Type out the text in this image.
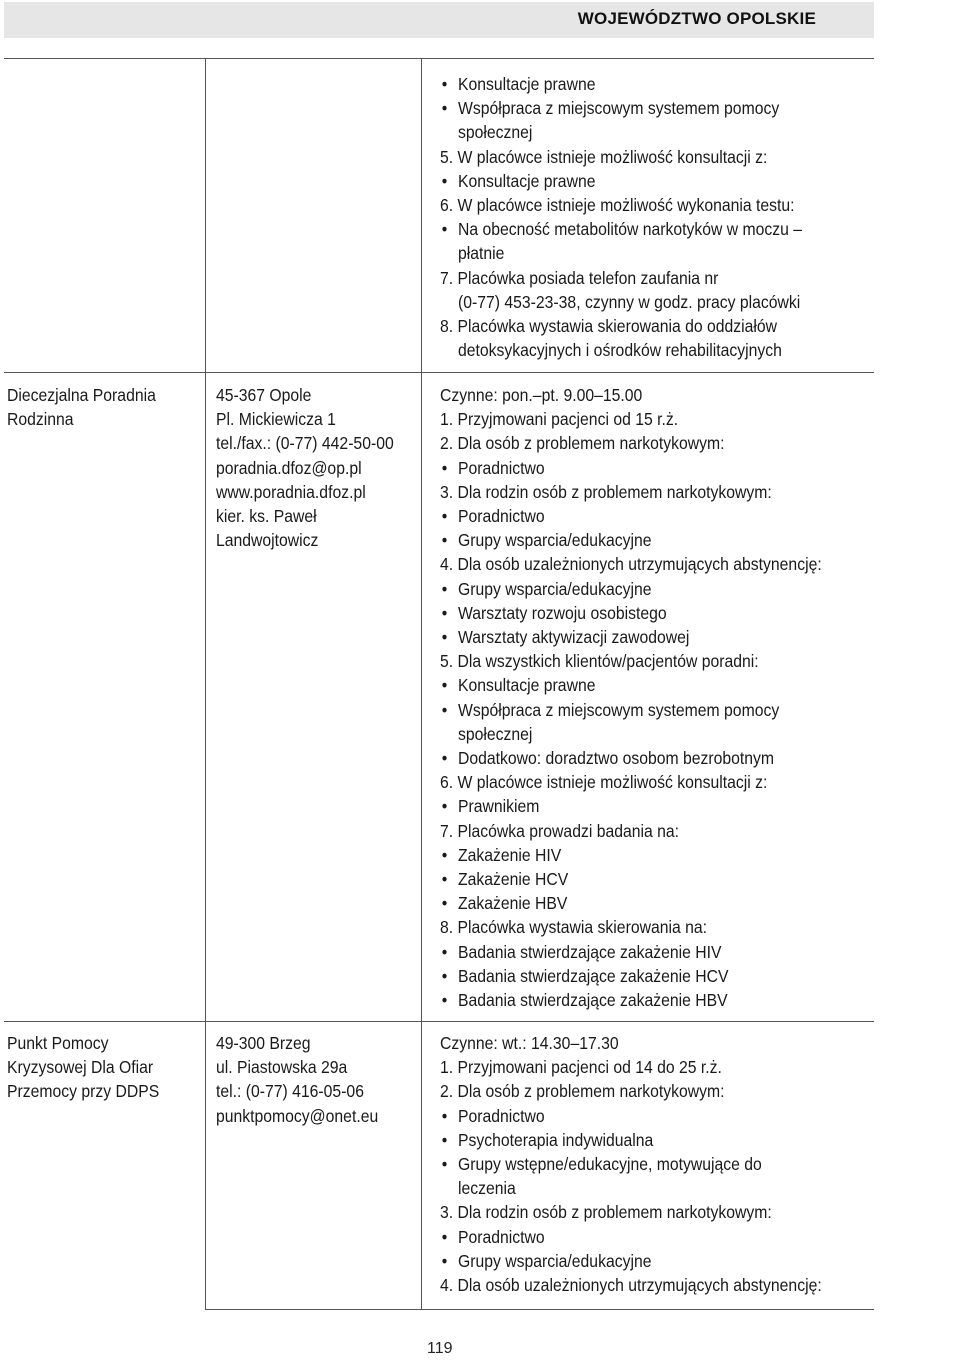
WOJEWÓDZTWO OPOLSKIE
• Konsultacje prawne
• Współpraca z miejscowym systemem pomocy
społecznej
5. W placówce istnieje możliwość konsultacji z:
• Konsultacje prawne
6. W placówce istnieje możliwość wykonania testu:
• Na obecność metabolitów narkotyków w moczu –
płatnie
7. Placówka posiada telefon zaufania nr
(0-77) 453-23-38, czynny w godz. pracy placówki
8. Placówka wystawia skierowania do oddziałów
detoksykacyjnych i ośrodków rehabilitacyjnych
Diecezjalna Poradnia
Rodzinna
45-367 Opole
Pl. Mickiewicza 1
tel./fax.: (0-77) 442-50-00
poradnia.dfoz@op.pl
www.poradnia.dfoz.pl
kier. ks. Paweł
Landwojtowicz
Czynne: pon.–pt. 9.00–15.00
1. Przyjmowani pacjenci od 15 r.ż.
2. Dla osób z problemem narkotykowym:
• Poradnictwo
3. Dla rodzin osób z problemem narkotykowym:
• Poradnictwo
• Grupy wsparcia/edukacyjne
4. Dla osób uzależnionych utrzymujących abstynencję:
• Grupy wsparcia/edukacyjne
• Warsztaty rozwoju osobistego
• Warsztaty aktywizacji zawodowej
5. Dla wszystkich klientów/pacjentów poradni:
• Konsultacje prawne
• Współpraca z miejscowym systemem pomocy
społecznej
• Dodatkowo: doradztwo osobom bezrobotnym
6. W placówce istnieje możliwość konsultacji z:
• Prawnikiem
7. Placówka prowadzi badania na:
• Zakażenie HIV
• Zakażenie HCV
• Zakażenie HBV
8. Placówka wystawia skierowania na:
• Badania stwierdzające zakażenie HIV
• Badania stwierdzające zakażenie HCV
• Badania stwierdzające zakażenie HBV
Punkt Pomocy
Kryzysowej Dla Ofiar
Przemocy przy DDPS
49-300 Brzeg
ul. Piastowska 29a
tel.: (0-77) 416-05-06
punktpomocy@onet.eu
Czynne: wt.: 14.30–17.30
1. Przyjmowani pacjenci od 14 do 25 r.ż.
2. Dla osób z problemem narkotykowym:
• Poradnictwo
• Psychoterapia indywidualna
• Grupy wstępne/edukacyjne, motywujące do
leczenia
3. Dla rodzin osób z problemem narkotykowym:
• Poradnictwo
• Grupy wsparcia/edukacyjne
4. Dla osób uzależnionych utrzymujących abstynencję:
119
